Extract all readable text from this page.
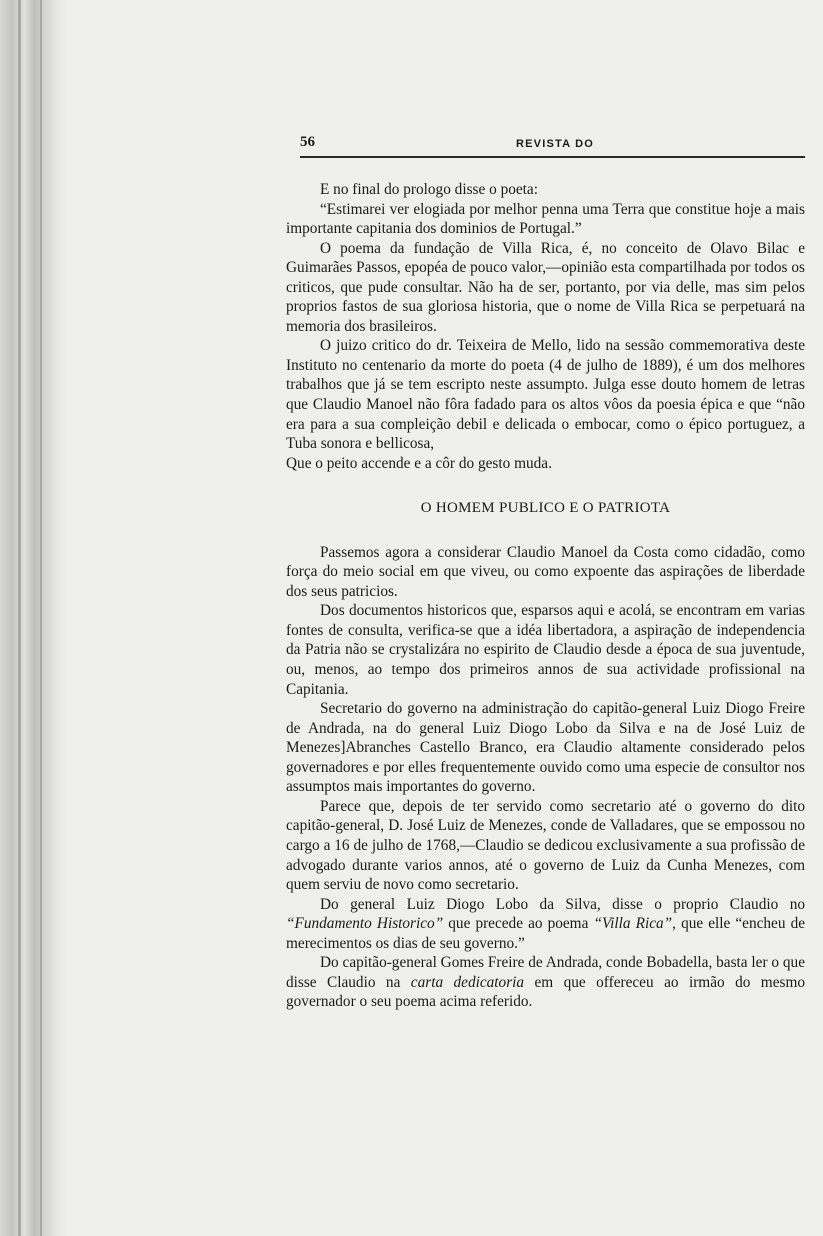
56	REVISTA DO

E no final do prologo disse o poeta:

“Estimarei ver elogiada por melhor penna uma Terra que constitue hoje a mais importante capitania dos dominios de Portugal.”

O poema da fundação de Villa Rica, é, no conceito de Olavo Bilac e Guimarães Passos, epopéa de pouco valor,—opinião esta compartilhada por todos os criticos, que pude consultar. Não ha de ser, portanto, por via delle, mas sim pelos proprios fastos de sua gloriosa historia, que o nome de Villa Rica se perpetuará na memoria dos brasileiros.

O juizo critico do dr. Teixeira de Mello, lido na sessão commemorativa deste Instituto no centenario da morte do poeta (4 de julho de 1889), é um dos melhores trabalhos que já se tem escripto neste assumpto. Julga esse douto homem de letras que Claudio Manoel não fôra fadado para os altos vôos da poesia épica e que “não era para a sua compleição debil e delicada o embocar, como o épico portuguez, a Tuba sonora e bellicosa,

Que o peito accende e a côr do gesto muda.

O HOMEM PUBLICO E O PATRIOTA

Passemos agora a considerar Claudio Manoel da Costa como cidadão, como força do meio social em que viveu, ou como expoente das aspirações de liberdade dos seus patricios.

Dos documentos historicos que, esparsos aqui e acolá, se encontram em varias fontes de consulta, verifica-se que a idéa libertadora, a aspiração de independencia da Patria não se crystalizára no espirito de Claudio desde a época de sua juventude, ou, menos, ao tempo dos primeiros annos de sua actividade profissional na Capitania.

Secretario do governo na administração do capitão-general Luiz Diogo Freire de Andrada, na do general Luiz Diogo Lobo da Silva e na de José Luiz de Menezes]Abranches Castello Branco, era Claudio altamente considerado pelos governadores e por elles frequentemente ouvido como uma especie de consultor nos assumptos mais importantes do governo.

Parece que, depois de ter servido como secretario até o governo do dito capitão-general, D. José Luiz de Menezes, conde de Valladares, que se empossou no cargo a 16 de julho de 1768,—Claudio se dedicou exclusivamente a sua profissão de advogado durante varios annos, até o governo de Luiz da Cunha Menezes, com quem serviu de novo como secretario.

Do general Luiz Diogo Lobo da Silva, disse o proprio Claudio no “Fundamento Historico” que precede ao poema “Villa Rica”, que elle “encheu de merecimentos os dias de seu governo.”

Do capitão-general Gomes Freire de Andrada, conde Bobadella, basta ler o que disse Claudio na carta dedicatoria em que offereceu ao irmão do mesmo governador o seu poema acima referido.
